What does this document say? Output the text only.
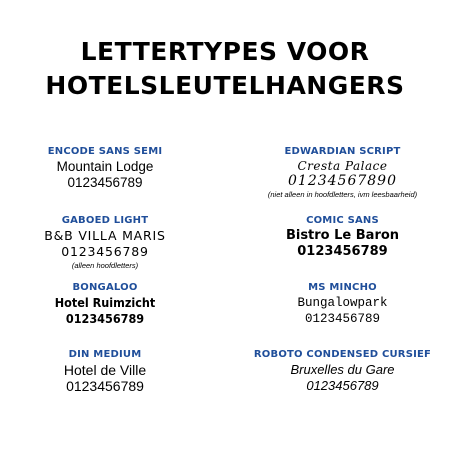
LETTERTYPES VOOR
HOTELSLEUTELHANGERS
ENCODE SANS SEMI
Mountain Lodge
0123456789
EDWARDIAN SCRIPT
Cresta Palace
01234567890
(niet alleen in hoofdletters, ivm leesbaarheid)
GABOED LIGHT
B&B VILLA MARIS
0123456789
(alleen hoofdletters)
COMIC SANS
Bistro Le Baron
0123456789
BONGALOO
Hotel Ruimzicht
0123456789
MS MINCHO
Bungalowpark
0123456789
DIN MEDIUM
Hotel de Ville
0123456789
ROBOTO CONDENSED CURSIEF
Bruxelles du Gare
0123456789
